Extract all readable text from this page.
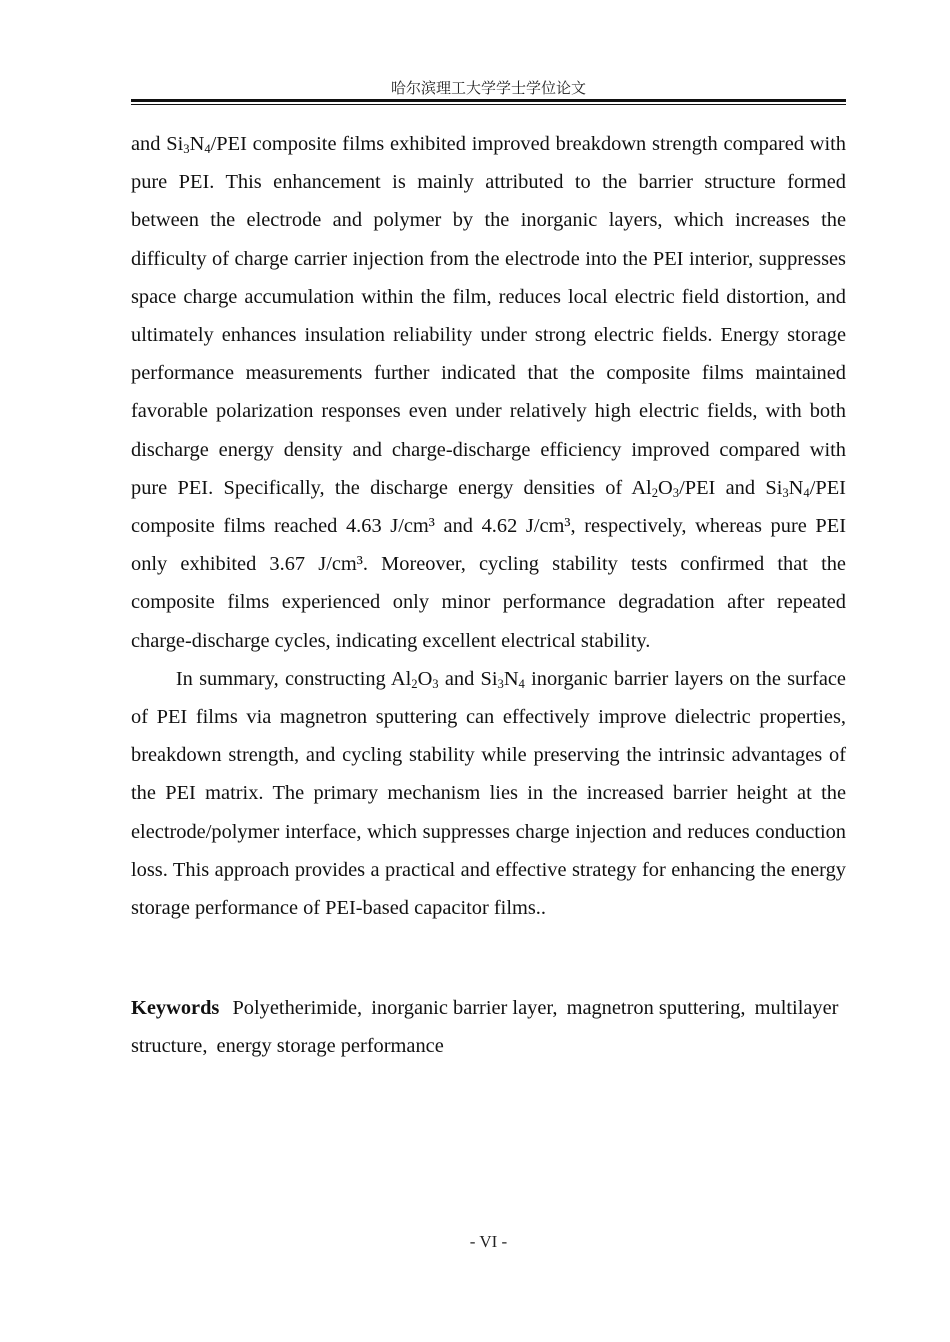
哈尔滨理工大学学士学位论文

and $Si_3N_4$/PEI composite films exhibited improved breakdown strength compared with pure PEI. This enhancement is mainly attributed to the barrier structure formed between the electrode and polymer by the inorganic layers, which increases the difficulty of charge carrier injection from the electrode into the PEI interior, suppresses space charge accumulation within the film, reduces local electric field distortion, and ultimately enhances insulation reliability under strong electric fields. Energy storage performance measurements further indicated that the composite films maintained favorable polarization responses even under relatively high electric fields, with both discharge energy density and charge-discharge efficiency improved compared with pure PEI. Specifically, the discharge energy densities of $Al_2O_3$/PEI and $Si_3N_4$/PEI composite films reached 4.63 J/cm³ and 4.62 J/cm³, respectively, whereas pure PEI only exhibited 3.67 J/cm³. Moreover, cycling stability tests confirmed that the composite films experienced only minor performance degradation after repeated charge-discharge cycles, indicating excellent electrical stability.

In summary, constructing $Al_2O_3$ and $Si_3N_4$ inorganic barrier layers on the surface of PEI films via magnetron sputtering can effectively improve dielectric properties, breakdown strength, and cycling stability while preserving the intrinsic advantages of the PEI matrix. The primary mechanism lies in the increased barrier height at the electrode/polymer interface, which suppresses charge injection and reduces conduction loss. This approach provides a practical and effective strategy for enhancing the energy storage performance of PEI-based capacitor films..

Keywords Polyetherimide, inorganic barrier layer, magnetron sputtering, multilayer structure, energy storage performance
- VI -
